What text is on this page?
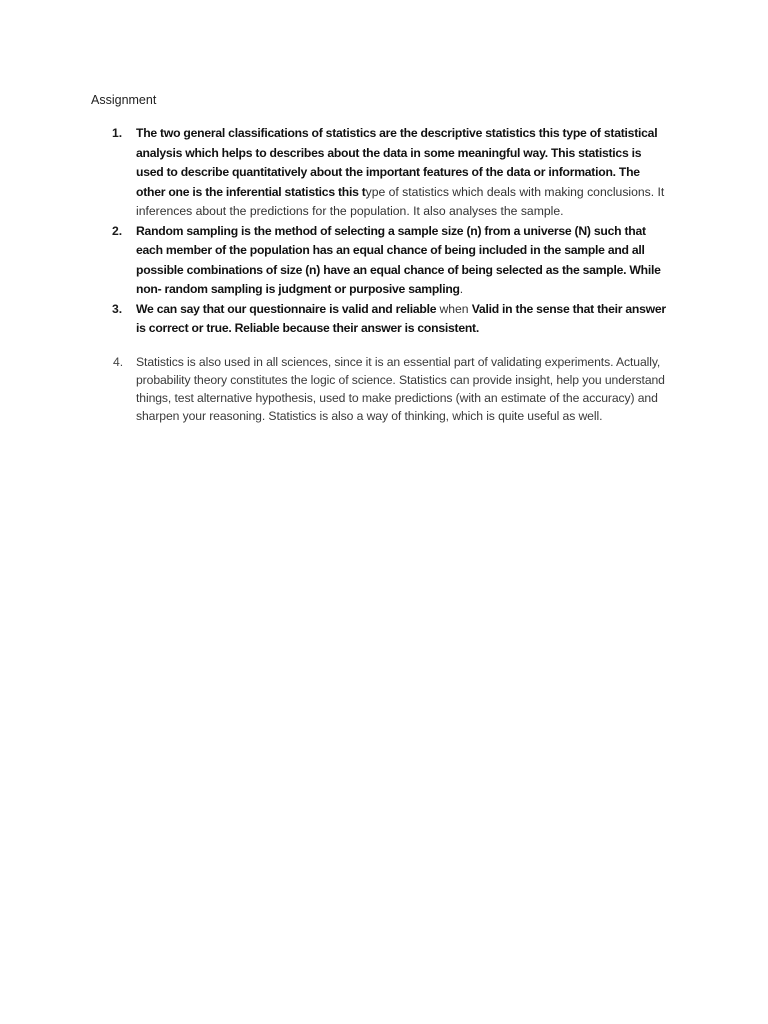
Assignment
1. The two general classifications of statistics are the descriptive statistics this type of statistical analysis which helps to describes about the data in some meaningful way. This statistics is used to describe quantitatively about the important features of the data or information. The other one is the inferential statistics this type of statistics which deals with making conclusions. It inferences about the predictions for the population. It also analyses the sample.
2. Random sampling is the method of selecting a sample size (n) from a universe (N) such that each member of the population has an equal chance of being included in the sample and all possible combinations of size (n) have an equal chance of being selected as the sample. While non- random sampling is judgment or purposive sampling.
3. We can say that our questionnaire is valid and reliable when Valid in the sense that their answer is correct or true. Reliable because their answer is consistent.
4. Statistics is also used in all sciences, since it is an essential part of validating experiments. Actually, probability theory constitutes the logic of science. Statistics can provide insight, help you understand things, test alternative hypothesis, used to make predictions (with an estimate of the accuracy) and sharpen your reasoning. Statistics is also a way of thinking, which is quite useful as well.
